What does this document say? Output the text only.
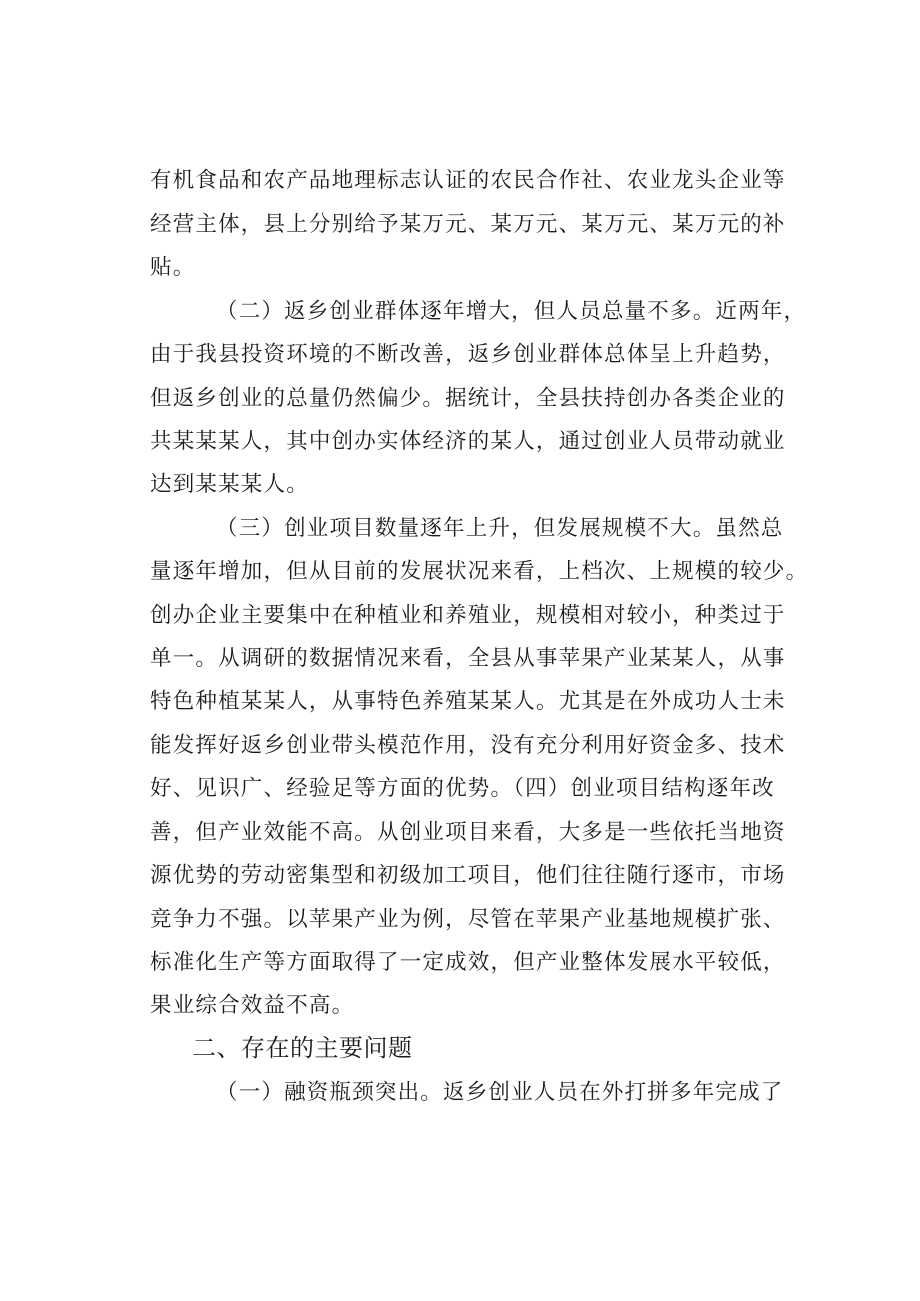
有机食品和农产品地理标志认证的农民合作社、农业龙头企业等
经营主体，县上分别给予某万元、某万元、某万元、某万元的补
贴。
（二）返乡创业群体逐年增大，但人员总量不多。近两年，
由于我县投资环境的不断改善，返乡创业群体总体呈上升趋势，
但返乡创业的总量仍然偏少。据统计，全县扶持创办各类企业的
共某某某人，其中创办实体经济的某人，通过创业人员带动就业
达到某某某人。
（三）创业项目数量逐年上升，但发展规模不大。虽然总
量逐年增加，但从目前的发展状况来看，上档次、上规模的较少。
创办企业主要集中在种植业和养殖业，规模相对较小，种类过于
单一。从调研的数据情况来看，全县从事苹果产业某某人，从事
特色种植某某人，从事特色养殖某某人。尤其是在外成功人士未
能发挥好返乡创业带头模范作用，没有充分利用好资金多、技术
好、见识广、经验足等方面的优势。（四）创业项目结构逐年改
善，但产业效能不高。从创业项目来看，大多是一些依托当地资
源优势的劳动密集型和初级加工项目，他们往往随行逐市，市场
竞争力不强。以苹果产业为例，尽管在苹果产业基地规模扩张、
标准化生产等方面取得了一定成效，但产业整体发展水平较低，
果业综合效益不高。
二、存在的主要问题
（一）融资瓶颈突出。返乡创业人员在外打拼多年完成了
